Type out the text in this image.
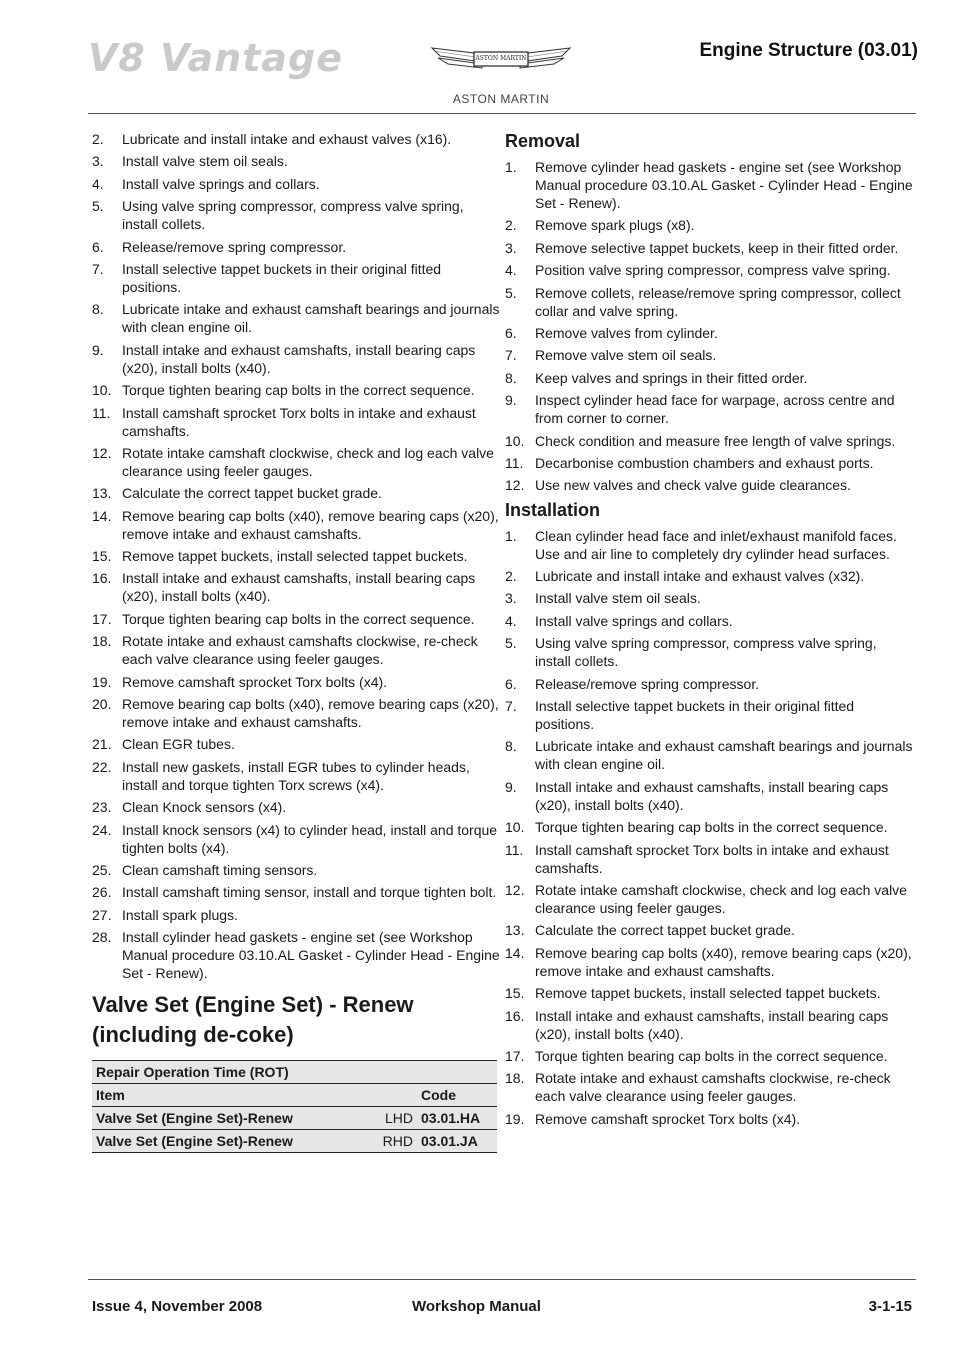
V8 Vantage	ASTON MARTIN
ASTON MARTIN
Engine Structure (03.01)
2. Lubricate and install intake and exhaust valves (x16).
3. Install valve stem oil seals.
4. Install valve springs and collars.
5. Using valve spring compressor, compress valve spring, install collets.
6. Release/remove spring compressor.
7. Install selective tappet buckets in their original fitted positions.
8. Lubricate intake and exhaust camshaft bearings and journals with clean engine oil.
9. Install intake and exhaust camshafts, install bearing caps (x20), install bolts (x40).
10. Torque tighten bearing cap bolts in the correct sequence.
11. Install camshaft sprocket Torx bolts in intake and exhaust camshafts.
12. Rotate intake camshaft clockwise, check and log each valve clearance using feeler gauges.
13. Calculate the correct tappet bucket grade.
14. Remove bearing cap bolts (x40), remove bearing caps (x20), remove intake and exhaust camshafts.
15. Remove tappet buckets, install selected tappet buckets.
16. Install intake and exhaust camshafts, install bearing caps (x20), install bolts (x40).
17. Torque tighten bearing cap bolts in the correct sequence.
18. Rotate intake and exhaust camshafts clockwise, re-check each valve clearance using feeler gauges.
19. Remove camshaft sprocket Torx bolts (x4).
20. Remove bearing cap bolts (x40), remove bearing caps (x20), remove intake and exhaust camshafts.
21. Clean EGR tubes.
22. Install new gaskets, install EGR tubes to cylinder heads, install and torque tighten Torx screws (x4).
23. Clean Knock sensors (x4).
24. Install knock sensors (x4) to cylinder head, install and torque tighten bolts (x4).
25. Clean camshaft timing sensors.
26. Install camshaft timing sensor, install and torque tighten bolt.
27. Install spark plugs.
28. Install cylinder head gaskets - engine set (see Workshop Manual procedure 03.10.AL Gasket - Cylinder Head - Engine Set - Renew).
Valve Set (Engine Set) - Renew (including de-coke)
Repair Operation Time (ROT)		
Item		Code
Valve Set (Engine Set)-Renew	LHD	03.01.HA
Valve Set (Engine Set)-Renew	RHD	03.01.JA
Removal
1. Remove cylinder head gaskets - engine set (see Workshop Manual procedure 03.10.AL Gasket - Cylinder Head - Engine Set - Renew).
2. Remove spark plugs (x8).
3. Remove selective tappet buckets, keep in their fitted order.
4. Position valve spring compressor, compress valve spring.
5. Remove collets, release/remove spring compressor, collect collar and valve spring.
6. Remove valves from cylinder.
7. Remove valve stem oil seals.
8. Keep valves and springs in their fitted order.
9. Inspect cylinder head face for warpage, across centre and from corner to corner.
10. Check condition and measure free length of valve springs.
11. Decarbonise combustion chambers and exhaust ports.
12. Use new valves and check valve guide clearances.
Installation
1. Clean cylinder head face and inlet/exhaust manifold faces. Use and air line to completely dry cylinder head surfaces.
2. Lubricate and install intake and exhaust valves (x32).
3. Install valve stem oil seals.
4. Install valve springs and collars.
5. Using valve spring compressor, compress valve spring, install collets.
6. Release/remove spring compressor.
7. Install selective tappet buckets in their original fitted positions.
8. Lubricate intake and exhaust camshaft bearings and journals with clean engine oil.
9. Install intake and exhaust camshafts, install bearing caps (x20), install bolts (x40).
10. Torque tighten bearing cap bolts in the correct sequence.
11. Install camshaft sprocket Torx bolts in intake and exhaust camshafts.
12. Rotate intake camshaft clockwise, check and log each valve clearance using feeler gauges.
13. Calculate the correct tappet bucket grade.
14. Remove bearing cap bolts (x40), remove bearing caps (x20), remove intake and exhaust camshafts.
15. Remove tappet buckets, install selected tappet buckets.
16. Install intake and exhaust camshafts, install bearing caps (x20), install bolts (x40).
17. Torque tighten bearing cap bolts in the correct sequence.
18. Rotate intake and exhaust camshafts clockwise, re-check each valve clearance using feeler gauges.
19. Remove camshaft sprocket Torx bolts (x4).
Issue 4, November 2008	Workshop Manual	3-1-15
